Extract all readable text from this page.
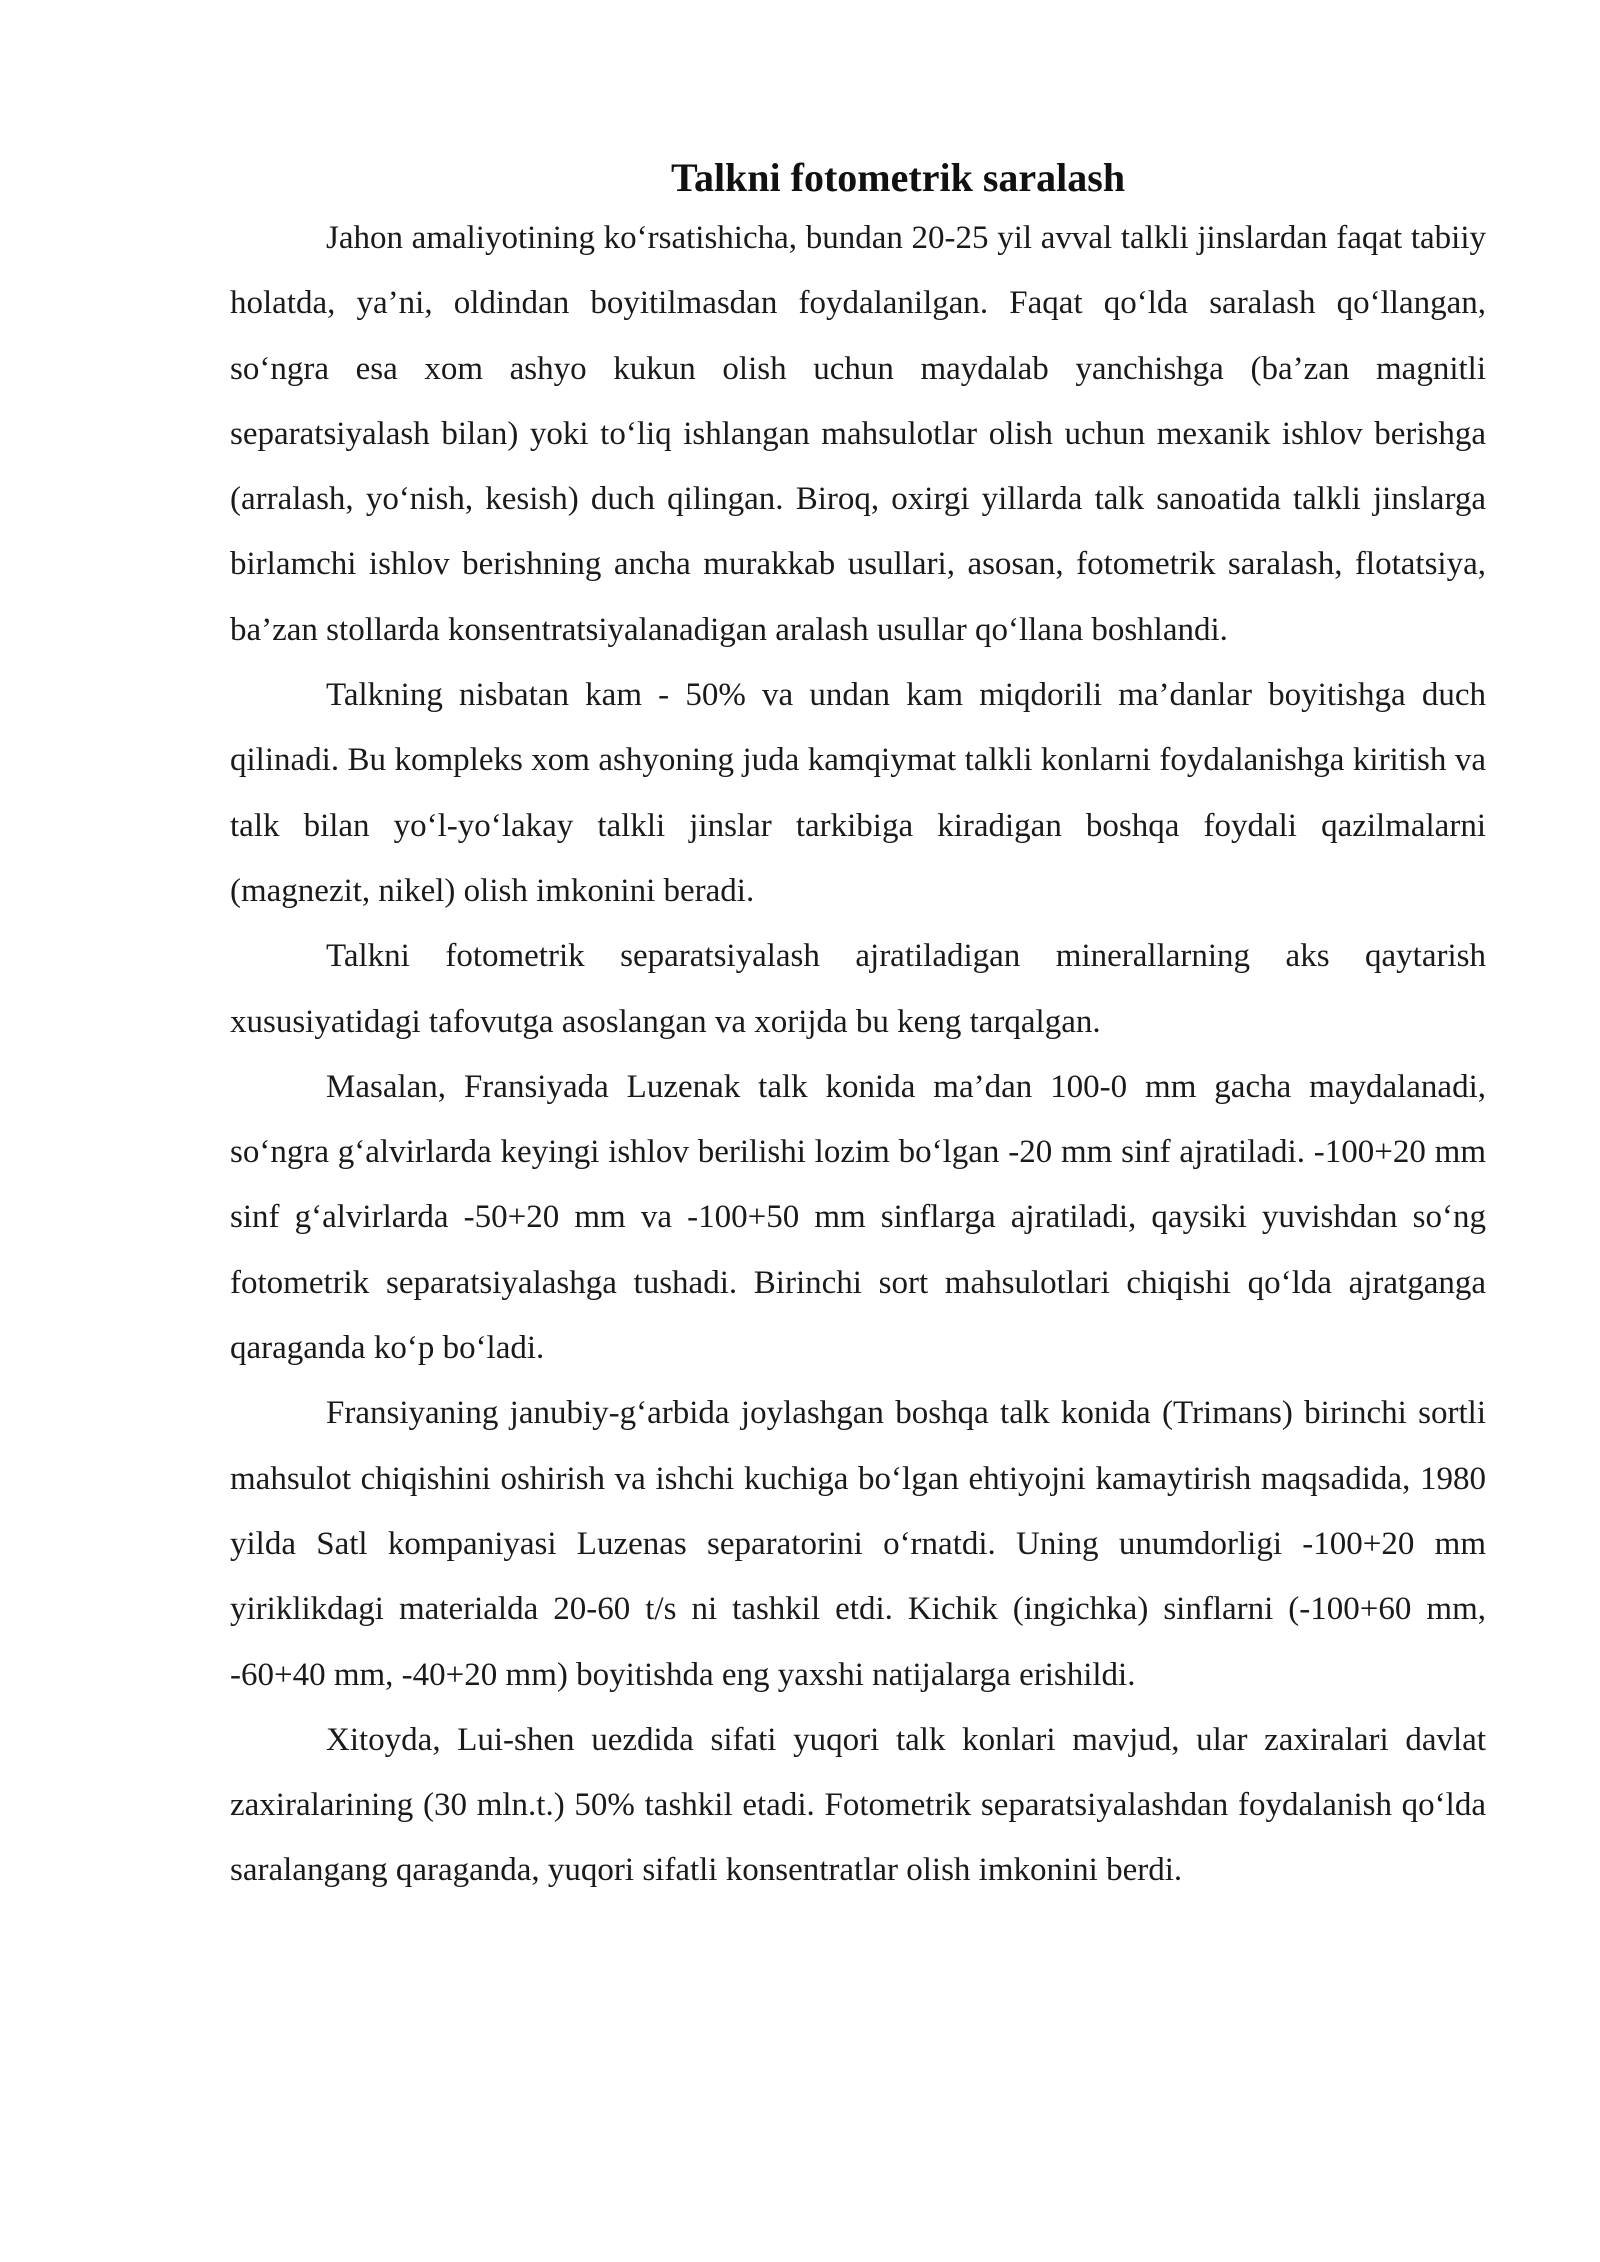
Talkni fotometrik saralash

Jahon amaliyotining ko‘rsatishicha, bundan 20-25 yil avval talkli jinslardan faqat tabiiy holatda, ya’ni, oldindan boyitilmasdan foydalanilgan. Faqat qo‘lda saralash qo‘llangan, so‘ngra esa xom ashyo kukun olish uchun maydalab yanchishga (ba’zan magnitli separatsiyalash bilan) yoki to‘liq ishlangan mahsulotlar olish uchun mexanik ishlov berishga (arralash, yo‘nish, kesish) duch qilingan. Biroq, oxirgi yillarda talk sanoatida talkli jinslarga birlamchi ishlov berishning ancha murakkab usullari, asosan, fotometrik saralash, flotatsiya, ba’zan stollarda konsentratsiyalanadigan aralash usullar qo‘llana boshlandi.

Talkning nisbatan kam - 50% va undan kam miqdorili ma’danlar boyitishga duch qilinadi. Bu kompleks xom ashyoning juda kamqiymat talkli konlarni foydalanishga kiritish va talk bilan yo‘l-yo‘lakay talkli jinslar tarkibiga kiradigan boshqa foydali qazilmalarni (magnezit, nikel) olish imkonini beradi.

Talkni fotometrik separatsiyalash ajratiladigan minerallarning aks qaytarish xususiyatidagi tafovutga asoslangan va xorijda bu keng tarqalgan.

Masalan, Fransiyada Luzenak talk konida ma’dan 100-0 mm gacha maydalanadi, so‘ngra g‘alvirlarda keyingi ishlov berilishi lozim bo‘lgan -20 mm sinf ajratiladi. -100+20 mm sinf g‘alvirlarda -50+20 mm va -100+50 mm sinflarga ajratiladi, qaysiki yuvishdan so‘ng fotometrik separatsiyalashga tushadi. Birinchi sort mahsulotlari chiqishi qo‘lda ajratganga qaraganda ko‘p bo‘ladi.

Fransiyaning janubiy-g‘arbida joylashgan boshqa talk konida (Trimans) birinchi sortli mahsulot chiqishini oshirish va ishchi kuchiga bo‘lgan ehtiyojni kamaytirish maqsadida, 1980 yilda Satl kompaniyasi Luzenas separatorini o‘rnatdi. Uning unumdorligi -100+20 mm yiriklikdagi materialda 20-60 t/s ni tashkil etdi. Kichik (ingichka) sinflarni (-100+60 mm, -60+40 mm, -40+20 mm) boyitishda eng yaxshi natijalarga erishildi.

Xitoyda, Lui-shen uezdida sifati yuqori talk konlari mavjud, ular zaxiralari davlat zaxiralarining (30 mln.t.) 50% tashkil etadi. Fotometrik separatsiyalashdan foydalanish qo‘lda saralangang qaraganda, yuqori sifatli konsentratlar olish imkonini berdi.
